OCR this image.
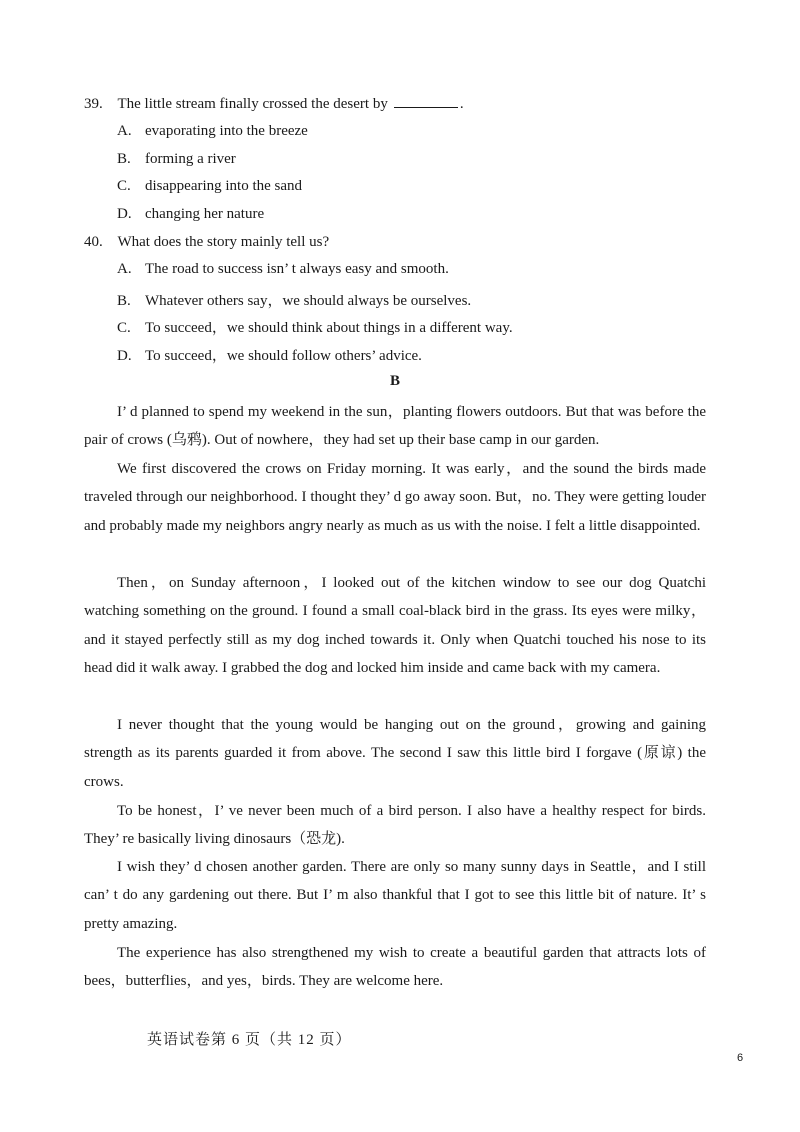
39. The little stream finally crossed the desert by	.
A. evaporating into the breeze
B. forming a river
C. disappearing into the sand
D. changing her nature
40. What does the story mainly tell us?
A. The road to success isn’ t always easy and smooth.
B. Whatever others say，we should always be ourselves.
C. To succeed，we should think about things in a different way.
D. To succeed，we should follow others’ advice.
B

I’ d planned to spend my weekend in the sun，planting flowers outdoors. But that was before the pair of crows (乌鸦). Out of nowhere，they had set up their base camp in our garden.

We first discovered the crows on Friday morning. It was early，and the sound the birds made traveled through our neighborhood. I thought they’ d go away soon. But，no. They were getting louder and probably made my neighbors angry nearly as much as us with the noise. I felt a little disappointed.

Then，on Sunday afternoon，I looked out of the kitchen window to see our dog Quatchi watching something on the ground. I found a small coal-black bird in the grass. Its eyes were milky，and it stayed perfectly still as my dog inched towards it. Only when Quatchi touched his nose to its head did it walk away. I grabbed the dog and locked him inside and came back with my camera.

I never thought that the young would be hanging out on the ground，growing and gaining strength as its parents guarded it from above. The second I saw this little bird I forgave (原谅) the crows.

To be honest，I’ ve never been much of a bird person. I also have a healthy respect for birds. They’ re basically living dinosaurs（恐龙).

I wish they’ d chosen another garden. There are only so many sunny days in Seattle，and I still can’ t do any gardening out there. But I’ m also thankful that I got to see this little bit of nature. It’ s pretty amazing.

The experience has also strengthened my wish to create a beautiful garden that attracts lots of bees，butterflies，and yes，birds. They are welcome here.

英语试卷第 6 页（共 12 页）
6
